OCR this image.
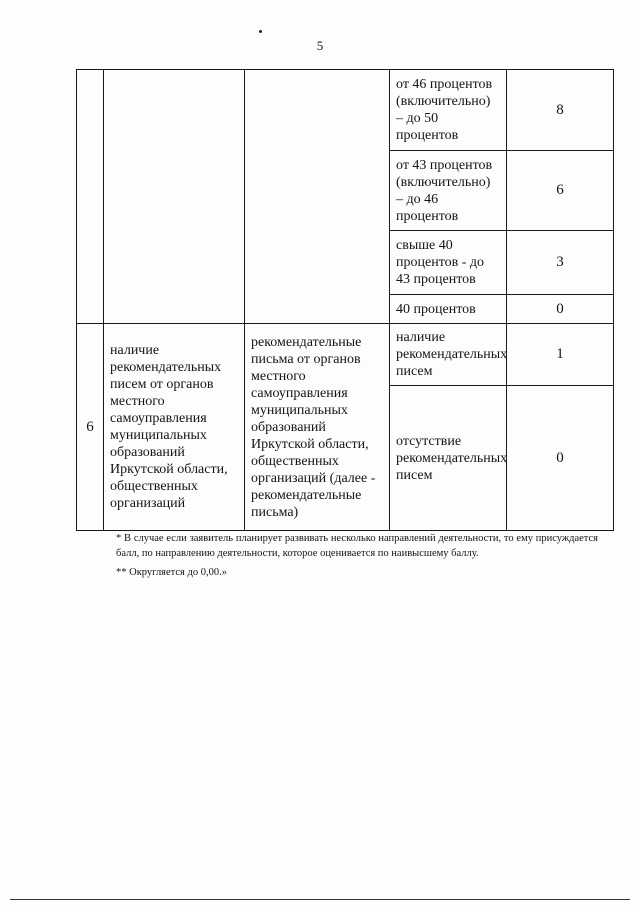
5
			от 46 процентов (включительно) – до 50 процентов	8
			от 43 процентов (включительно) – до 46 процентов	6
			свыше 40 процентов - до 43 процентов	3
			40 процентов	0
6	наличие рекомендательных писем от органов местного самоуправления муниципальных образований Иркутской области, общественных организаций	рекомендательные письма от органов местного самоуправления муниципальных образований Иркутской области, общественных организаций (далее - рекомендательные письма)	наличие рекомендательных писем	1
			отсутствие рекомендательных писем	0

* В случае если заявитель планирует развивать несколько направлений деятельности, то ему присуждается балл, по направлению деятельности, которое оценивается по наивысшему баллу.

** Округляется до 0,00.»
